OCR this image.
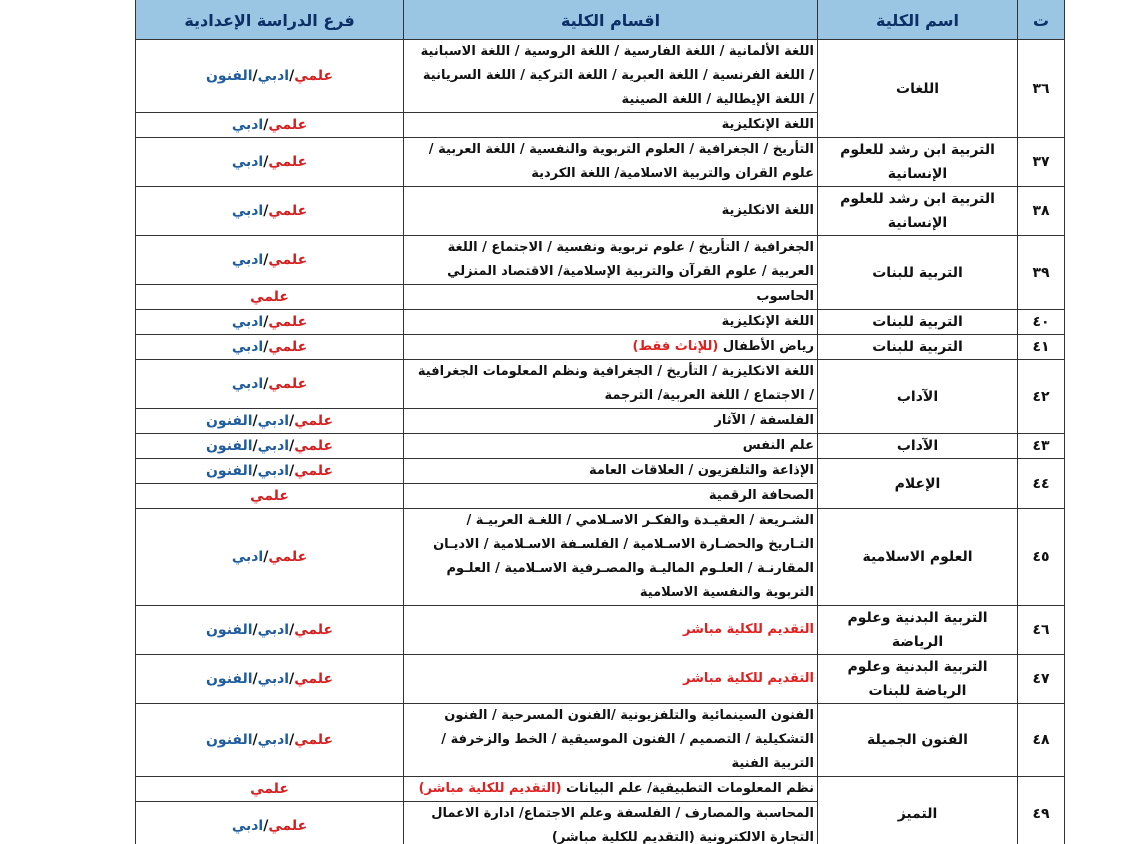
ت	اسم الكلية	اقسام الكلية	فرع الدراسة الإعدادية
٣٦	اللغات	اللغة الألمانية / اللغة الفارسية / اللغة الروسية / اللغة الاسبانية
/ اللغة الفرنسية / اللغة العبرية / اللغة التركية / اللغة السريانية
/ اللغة الإيطالية / اللغة الصينية	علمي/ادبي/الفنون

		اللغة الإنكليزية	علمي/ادبي
٣٧	التربية ابن رشد للعلوم الإنسانية	التأريخ / الجغرافية / العلوم التربوية والنفسية / اللغة العربية /
علوم القران والتربية الاسلامية/ اللغة الكردية	علمي/ادبي
٣٨	التربية ابن رشد للعلوم الإنسانية	اللغة الانكليزية	علمي/ادبي
٣٩	التربية للبنات	الجغرافية / التأريخ / علوم تربوية ونفسية / الاجتماع / اللغة
العربية / علوم القرآن والتربية الإسلامية/ الاقتصاد المنزلي	علمي/ادبي

		الحاسوب	علمي
٤٠	التربية للبنات	اللغة الإنكليزية	علمي/ادبي
٤١	التربية للبنات	رياض الأطفال (للإناث فقط)	علمي/ادبي
٤٢	الآداب	اللغة الانكليزية / التأريخ / الجغرافية ونظم المعلومات الجغرافية
/ الاجتماع / اللغة العربية/ الترجمة	علمي/ادبي

		الفلسفة / الآثار	علمي/ادبي/الفنون
٤٣	الآداب	علم النفس	علمي/ادبي/الفنون
٤٤	الإعلام	الإذاعة والتلفزيون / العلاقات العامة	علمي/ادبي/الفنون

		الصحافة الرقمية	علمي
٤٥	العلوم الاسلامية	الشـريعة / العقيـدة والفكـر الاسـلامي / اللغـة العربيـة /
التـاريخ والحضـارة الاسـلامية / الفلسـفة الاسـلامية / الاديـان
المقارنـة / العلـوم الماليـة والمصـرفية الاسـلامية / العلـوم
التربوية والنفسية الاسلامية	علمي/ادبي
٤٦	التربية البدنية وعلوم الرياضة	التقديم للكلية مباشر	علمي/ادبي/الفنون
٤٧	التربية البدنية وعلوم الرياضة للبنات	التقديم للكلية مباشر	علمي/ادبي/الفنون
٤٨	الفنون الجميلة	الفنون السينمائية والتلفزيونية /الفنون المسرحية / الفنون
التشكيلية / التصميم / الفنون الموسيقية / الخط والزخرفة /
التربية الفنية	علمي/ادبي/الفنون
٤٩	التميز	نظم المعلومات التطبيقية/ علم البيانات (التقديم للكلية مباشر)	علمي

		المحاسبة والمصارف / الفلسفة وعلم الاجتماع/ ادارة الاعمال
التجارة الالكترونية (التقديم للكلية مباشر)	علمي/ادبي
